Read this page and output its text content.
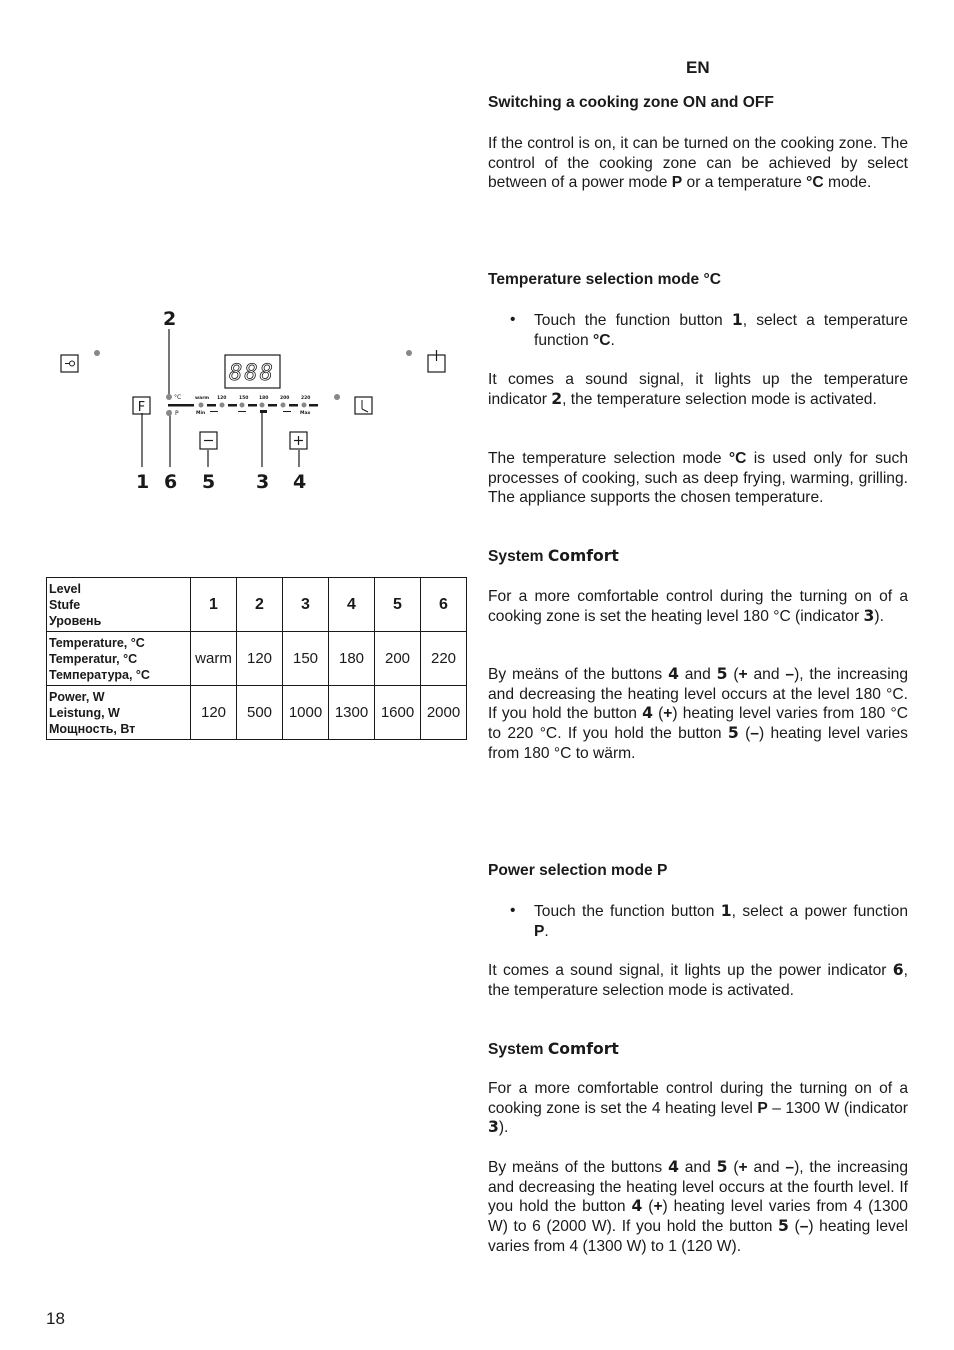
EN
Switching a cooking zone ON and OFF

If the control is on, it can be turned on the cooking zone. The control of the cooking zone can be achieved by select between of a power mode P or a temperature °C mode.

Temperature selection mode °C
• Touch the function button 1, select a temperature function °C.

It comes a sound signal, it lights up the temperature indicator 2, the temperature selection mode is activated.

The temperature selection mode °C is used only for such processes of cooking, such as deep frying, warming, grilling. The appliance supports the chosen temperature.

System Comfort

For a more comfortable control during the turning on of a cooking zone is set the heating level 180 °C (indicator 3).

By meäns of the buttons 4 and 5 (+ and –), the increasing and decreasing the heating level occurs at the level 180 °C. If you hold the button 4 (+) heating level varies from 180 °C to 220 °C. If you hold the button 5 (–) heating level varies from 180 °C to wärm.

Power selection mode P
• Touch the function button 1, select a power function P.

It comes a sound signal, it lights up the power indicator 6, the temperature selection mode is activated.

System Comfort

For a more comfortable control during the turning on of a cooking zone is set the 4 heating level P – 1300 W (indicator 3).

By meäns of the buttons 4 and 5 (+ and –), the increasing and decreasing the heating level occurs at the fourth level. If you hold the button 4 (+) heating level varies from 4 (1300 W) to 6 (2000 W). If you hold the button 5 (–) heating level varies from 4 (1300 W) to 1 (120 W).

18
2
1 6 5 3 4
888
F
°C
P
warm 120	150 180	200	220
Min	Max
Level
Stufe
Уровень	1	2	3	4	5	6

Temperature, °C
Temperatur, °C
Температура, °C	warm	120	150	180	200	220

Power, W
Leistung, W
Мощность, Вт	120	500	1000	1300	1600	2000
